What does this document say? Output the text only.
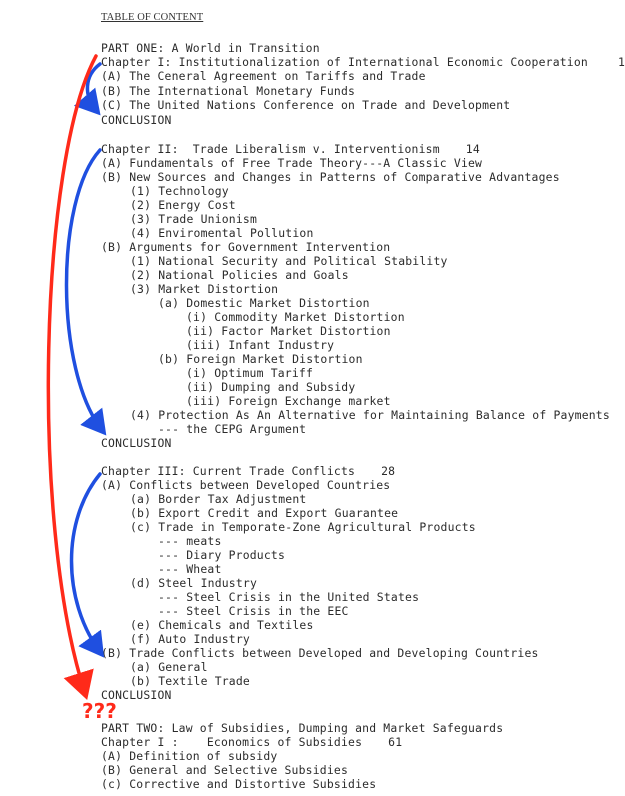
TABLE OF CONTENT
PART ONE: A World in Transition
Chapter I: Institutionalization of International Economic Cooperation	1
(A) The Ceneral Agreement on Tariffs and Trade
(B) The International Monetary Funds
(C) The United Nations Conference on Trade and Development
CONCLUSION
Chapter II:  Trade Liberalism v. Interventionism 14
(A) Fundamentals of Free Trade Theory---A Classic View
(B) New Sources and Changes in Patterns of Comparative Advantages
(1) Technology
(2) Energy Cost
(3) Trade Unionism
(4) Enviromental Pollution
(B) Arguments for Government Intervention
(1) National Security and Political Stability
(2) National Policies and Goals
(3) Market Distortion
(a) Domestic Market Distortion
(i) Commodity Market Distortion
(ii) Factor Market Distortion
(iii) Infant Industry
(b) Foreign Market Distortion
(i) Optimum Tariff
(ii) Dumping and Subsidy
(iii) Foreign Exchange market
(4) Protection As An Alternative for Maintaining Balance of Payments
--- the CEPG Argument
CONCLUSION
Chapter III: Current Trade Conflicts 28
(A) Conflicts between Developed Countries
(a) Border Tax Adjustment
(b) Export Credit and Export Guarantee
(c) Trade in Temporate-Zone Agricultural Products
--- meats
--- Diary Products
--- Wheat
(d) Steel Industry
--- Steel Crisis in the United States
--- Steel Crisis in the EEC
(e) Chemicals and Textiles
(f) Auto Industry
(B) Trade Conflicts between Developed and Developing Countries
(a) General
(b) Textile Trade
CONCLUSION
PART TWO: Law of Subsidies, Dumping and Market Safeguards
Chapter I :    Economics of Subsidies 61
(A) Definition of subsidy
(B) General and Selective Subsidies
(c) Corrective and Distortive Subsidies
???
